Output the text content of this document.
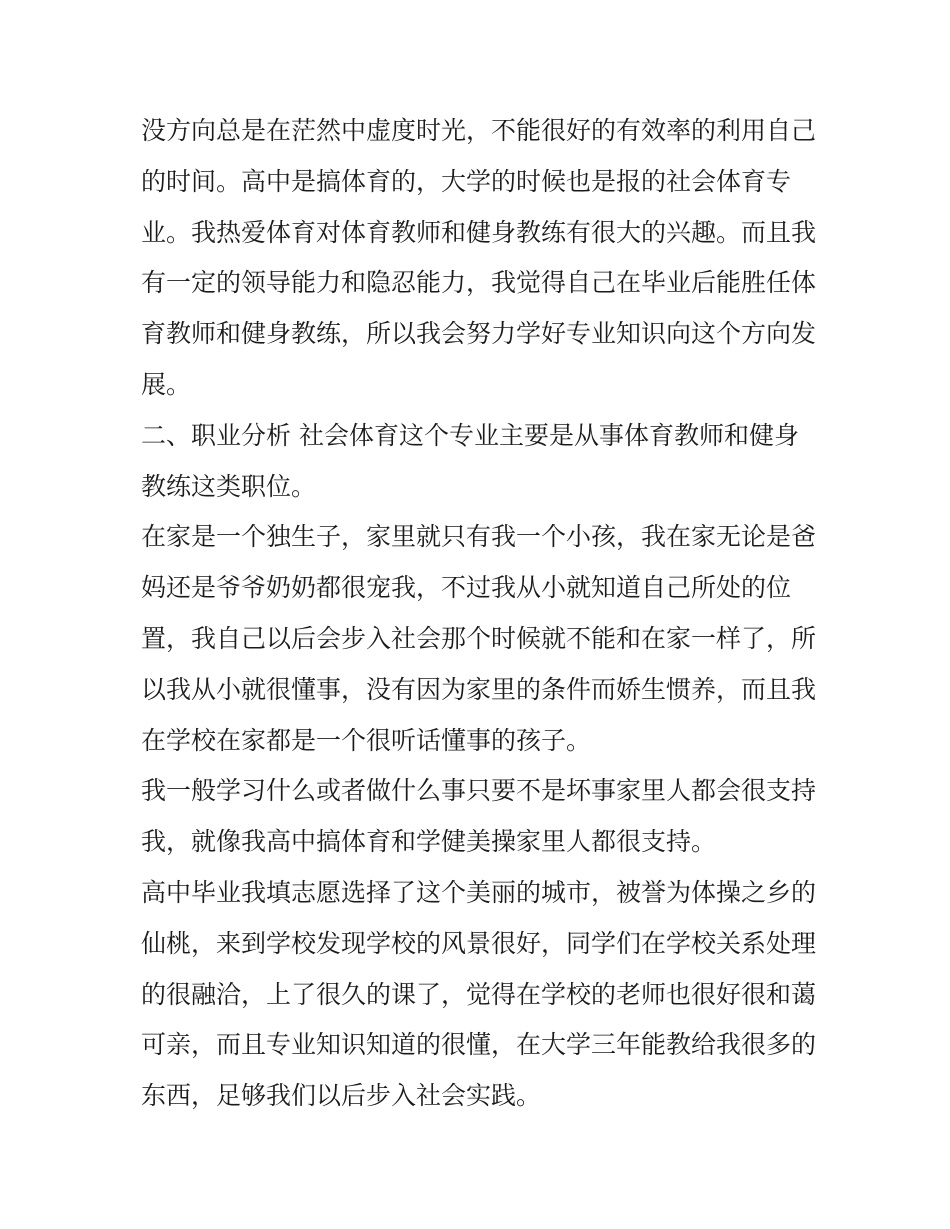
没方向总是在茫然中虚度时光，不能很好的有效率的利用自己
的时间。高中是搞体育的，大学的时候也是报的社会体育专
业。我热爱体育对体育教师和健身教练有很大的兴趣。而且我
有一定的领导能力和隐忍能力，我觉得自己在毕业后能胜任体
育教师和健身教练，所以我会努力学好专业知识向这个方向发
展。
二、职业分析 社会体育这个专业主要是从事体育教师和健身
教练这类职位。
在家是一个独生子，家里就只有我一个小孩，我在家无论是爸
妈还是爷爷奶奶都很宠我，不过我从小就知道自己所处的位
置，我自己以后会步入社会那个时候就不能和在家一样了，所
以我从小就很懂事，没有因为家里的条件而娇生惯养，而且我
在学校在家都是一个很听话懂事的孩子。
我一般学习什么或者做什么事只要不是坏事家里人都会很支持
我，就像我高中搞体育和学健美操家里人都很支持。
高中毕业我填志愿选择了这个美丽的城市，被誉为体操之乡的
仙桃，来到学校发现学校的风景很好，同学们在学校关系处理
的很融洽，上了很久的课了，觉得在学校的老师也很好很和蔼
可亲，而且专业知识知道的很懂，在大学三年能教给我很多的
东西，足够我们以后步入社会实践。
